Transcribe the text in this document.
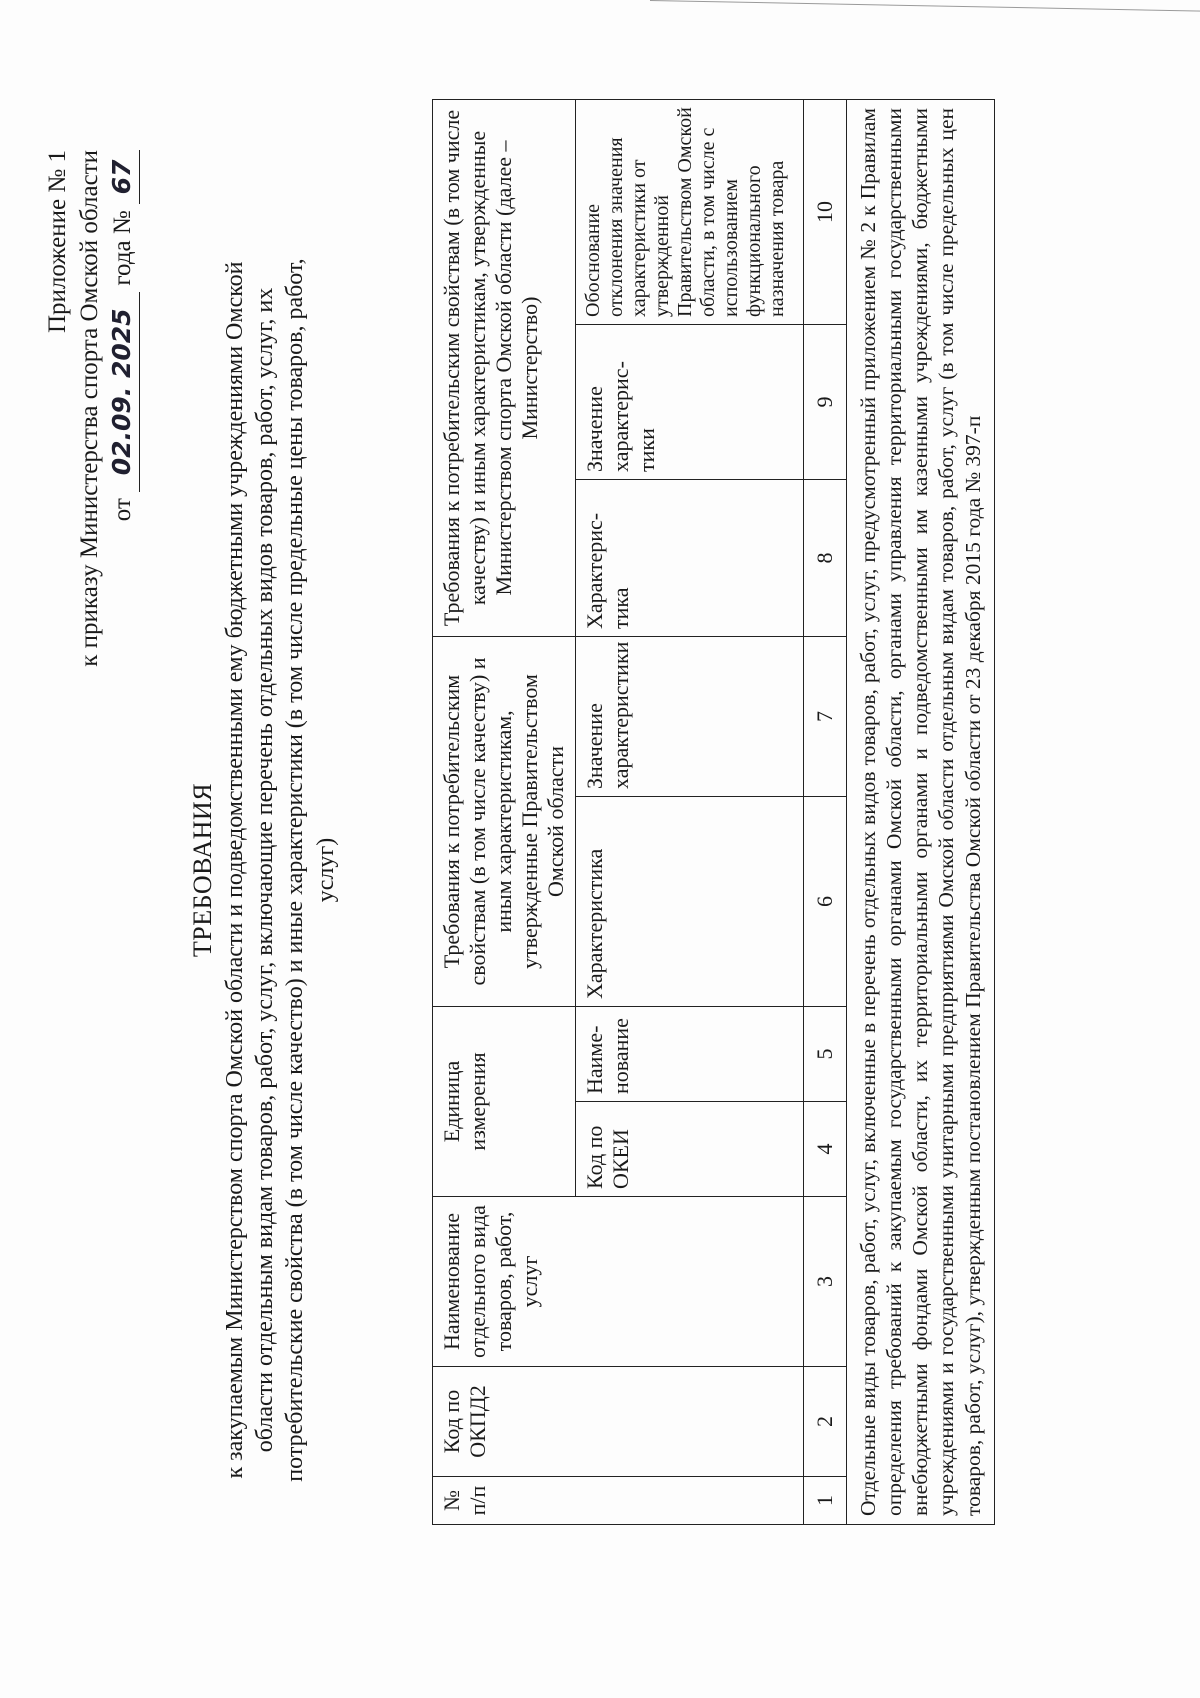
Приложение № 1 к приказу Министерства спорта Омской области от 02.09. 2025 года № 67
ТРЕБОВАНИЯ к закупаемым Министерством спорта Омской области и подведомственными ему бюджетными учреждениями Омской области отдельным видам товаров, работ, услуг, включающие перечень отдельных видов товаров, работ, услуг, их потребительские свойства (в том числе качество) и иные характеристики (в том числе предельные цены товаров, работ, услуг)
№ п/п	Код по ОКПД2	Наименование отдельного вида товаров, работ, услуг	Единица измерения		Требования к потребительским свойствам (в том числе качеству) и иным характеристикам, утвержденные Правительством Омской области		Требования к потребительским свойствам (в том числе качеству) и иным характеристикам, утвержденные Министерством спорта Омской области (далее – Министерство)		
			Код по ОКЕИ	Наиме-нование	Характеристика	Значение характеристики	Характерис-тика	Значение характерис-тики	Обоснование отклонения значения характеристики от утвержденной Правительством Омской области, в том числе с использованием функционального назначения товара
1	2	3	4	5	6	7	8	9	10
Отдельные виды товаров, работ, услуг, включенные в перечень отдельных видов товаров, работ, услуг, предусмотренный приложением № 2 к Правилам определения требований к закупаемым государственными органами Омской области, органами управления территориальными государственными внебюджетными фондами Омской области, их территориальными органами и подведомственными им казенными учреждениями, бюджетными учреждениями и государственными унитарными предприятиями Омской области отдельным видам товаров, работ, услуг (в том числе предельных цен товаров, работ, услуг), утвержденным постановлением Правительства Омской области от 23 декабря 2015 года № 397-п									
